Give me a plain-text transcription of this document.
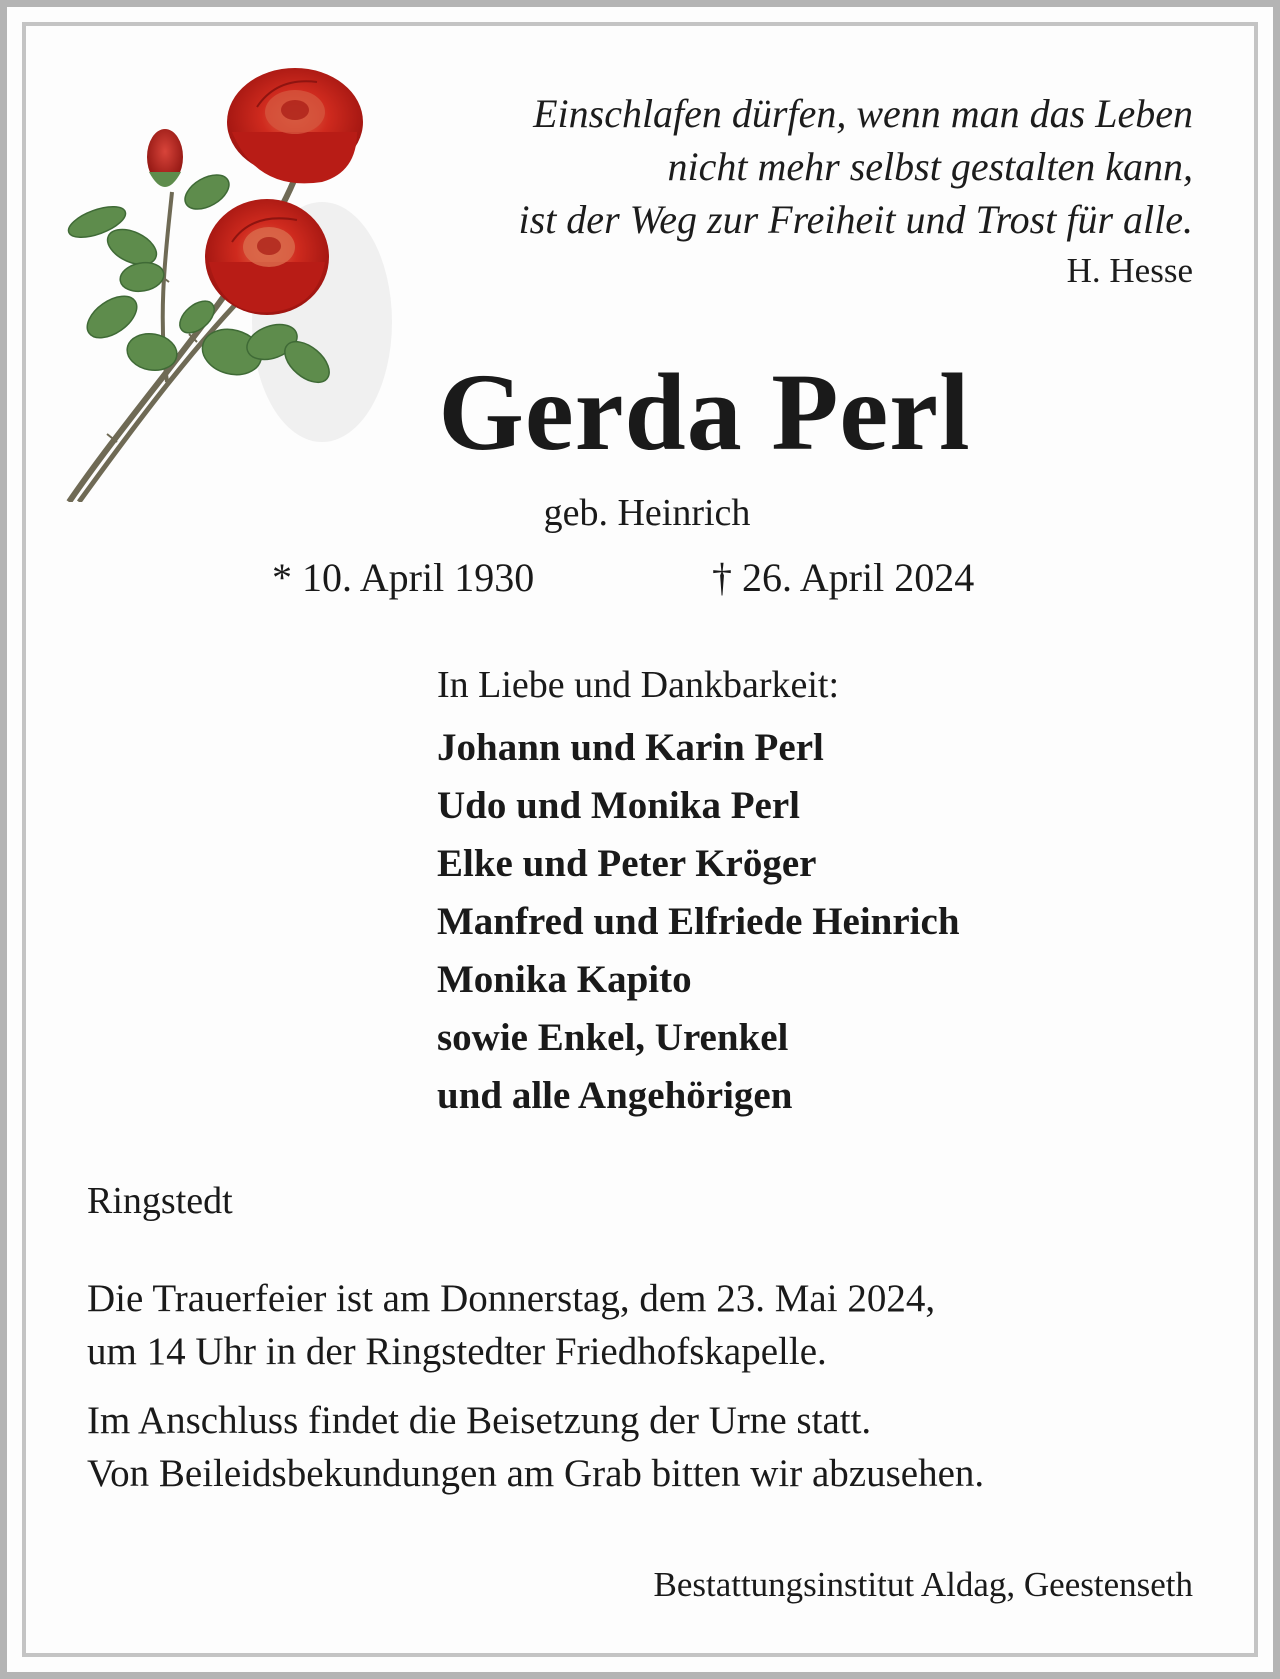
Einschlafen dürfen, wenn man das Leben
nicht mehr selbst gestalten kann,
ist der Weg zur Freiheit und Trost für alle.
H. Hesse
Gerda Perl
geb. Heinrich
* 10. April 1930	† 26. April 2024
In Liebe und Dankbarkeit:
Johann und Karin Perl
Udo und Monika Perl
Elke und Peter Kröger
Manfred und Elfriede Heinrich
Monika Kapito
sowie Enkel, Urenkel
und alle Angehörigen
Ringstedt

Die Trauerfeier ist am Donnerstag, dem 23. Mai 2024,

um 14 Uhr in der Ringstedter Friedhofskapelle.

Im Anschluss findet die Beisetzung der Urne statt.

Von Beileidsbekundungen am Grab bitten wir abzusehen.

Bestattungsinstitut Aldag, Geestenseth
